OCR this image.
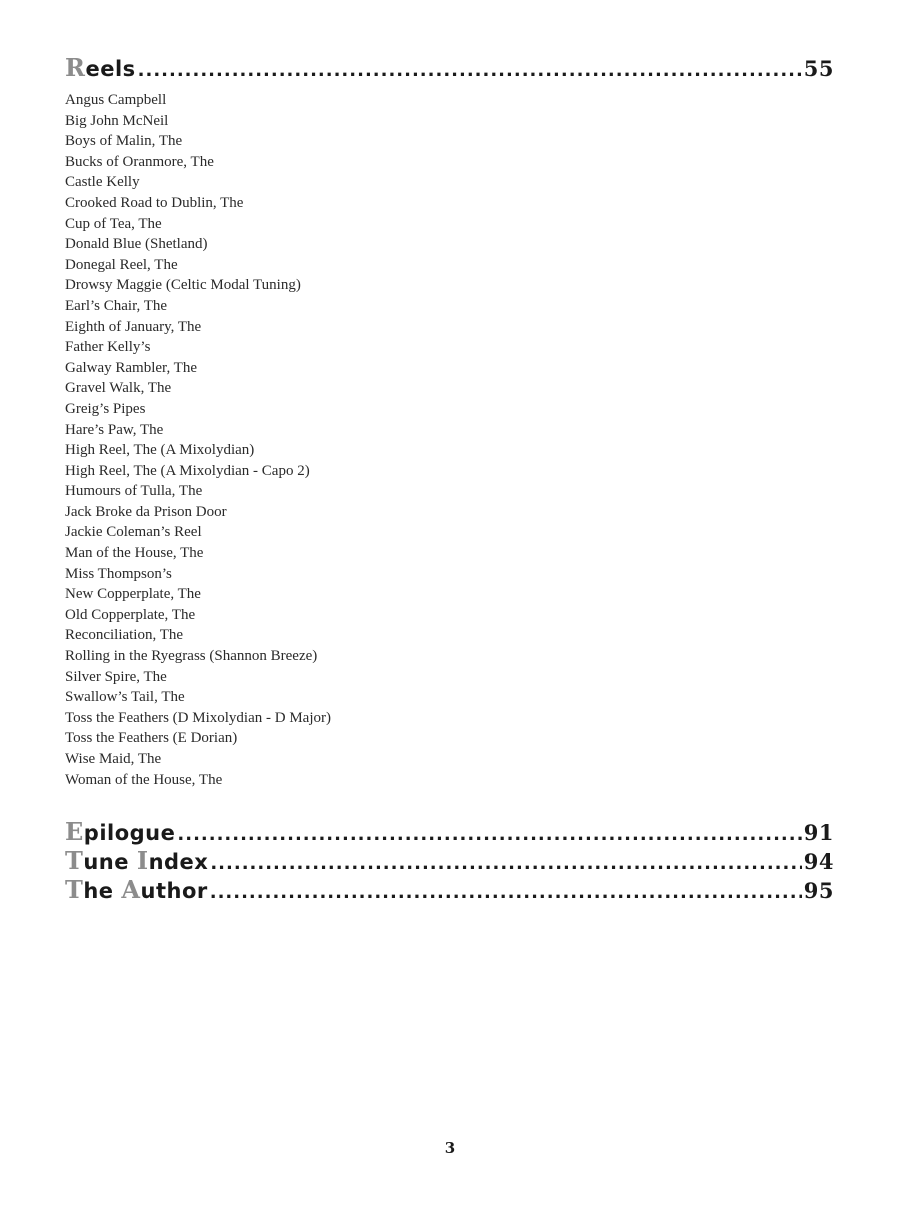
Reels .....	55
Angus Campbell
Big John McNeil
Boys of Malin, The
Bucks of Oranmore, The
Castle Kelly
Crooked Road to Dublin, The
Cup of Tea, The
Donald Blue (Shetland)
Donegal Reel, The
Drowsy Maggie (Celtic Modal Tuning)
Earl’s Chair, The
Eighth of January, The
Father Kelly’s
Galway Rambler, The
Gravel Walk, The
Greig’s Pipes
Hare’s Paw, The
High Reel, The (A Mixolydian)
High Reel, The (A Mixolydian - Capo 2)
Humours of Tulla, The
Jack Broke da Prison Door
Jackie Coleman’s Reel
Man of the House, The
Miss Thompson’s
New Copperplate, The
Old Copperplate, The
Reconciliation, The
Rolling in the Ryegrass (Shannon Breeze)
Silver Spire, The
Swallow’s Tail, The
Toss the Feathers (D Mixolydian - D Major)
Toss the Feathers (E Dorian)
Wise Maid, The
Woman of the House, The
Epilogue .....	91
Tune Index .....	94
The Author .....	95
3
